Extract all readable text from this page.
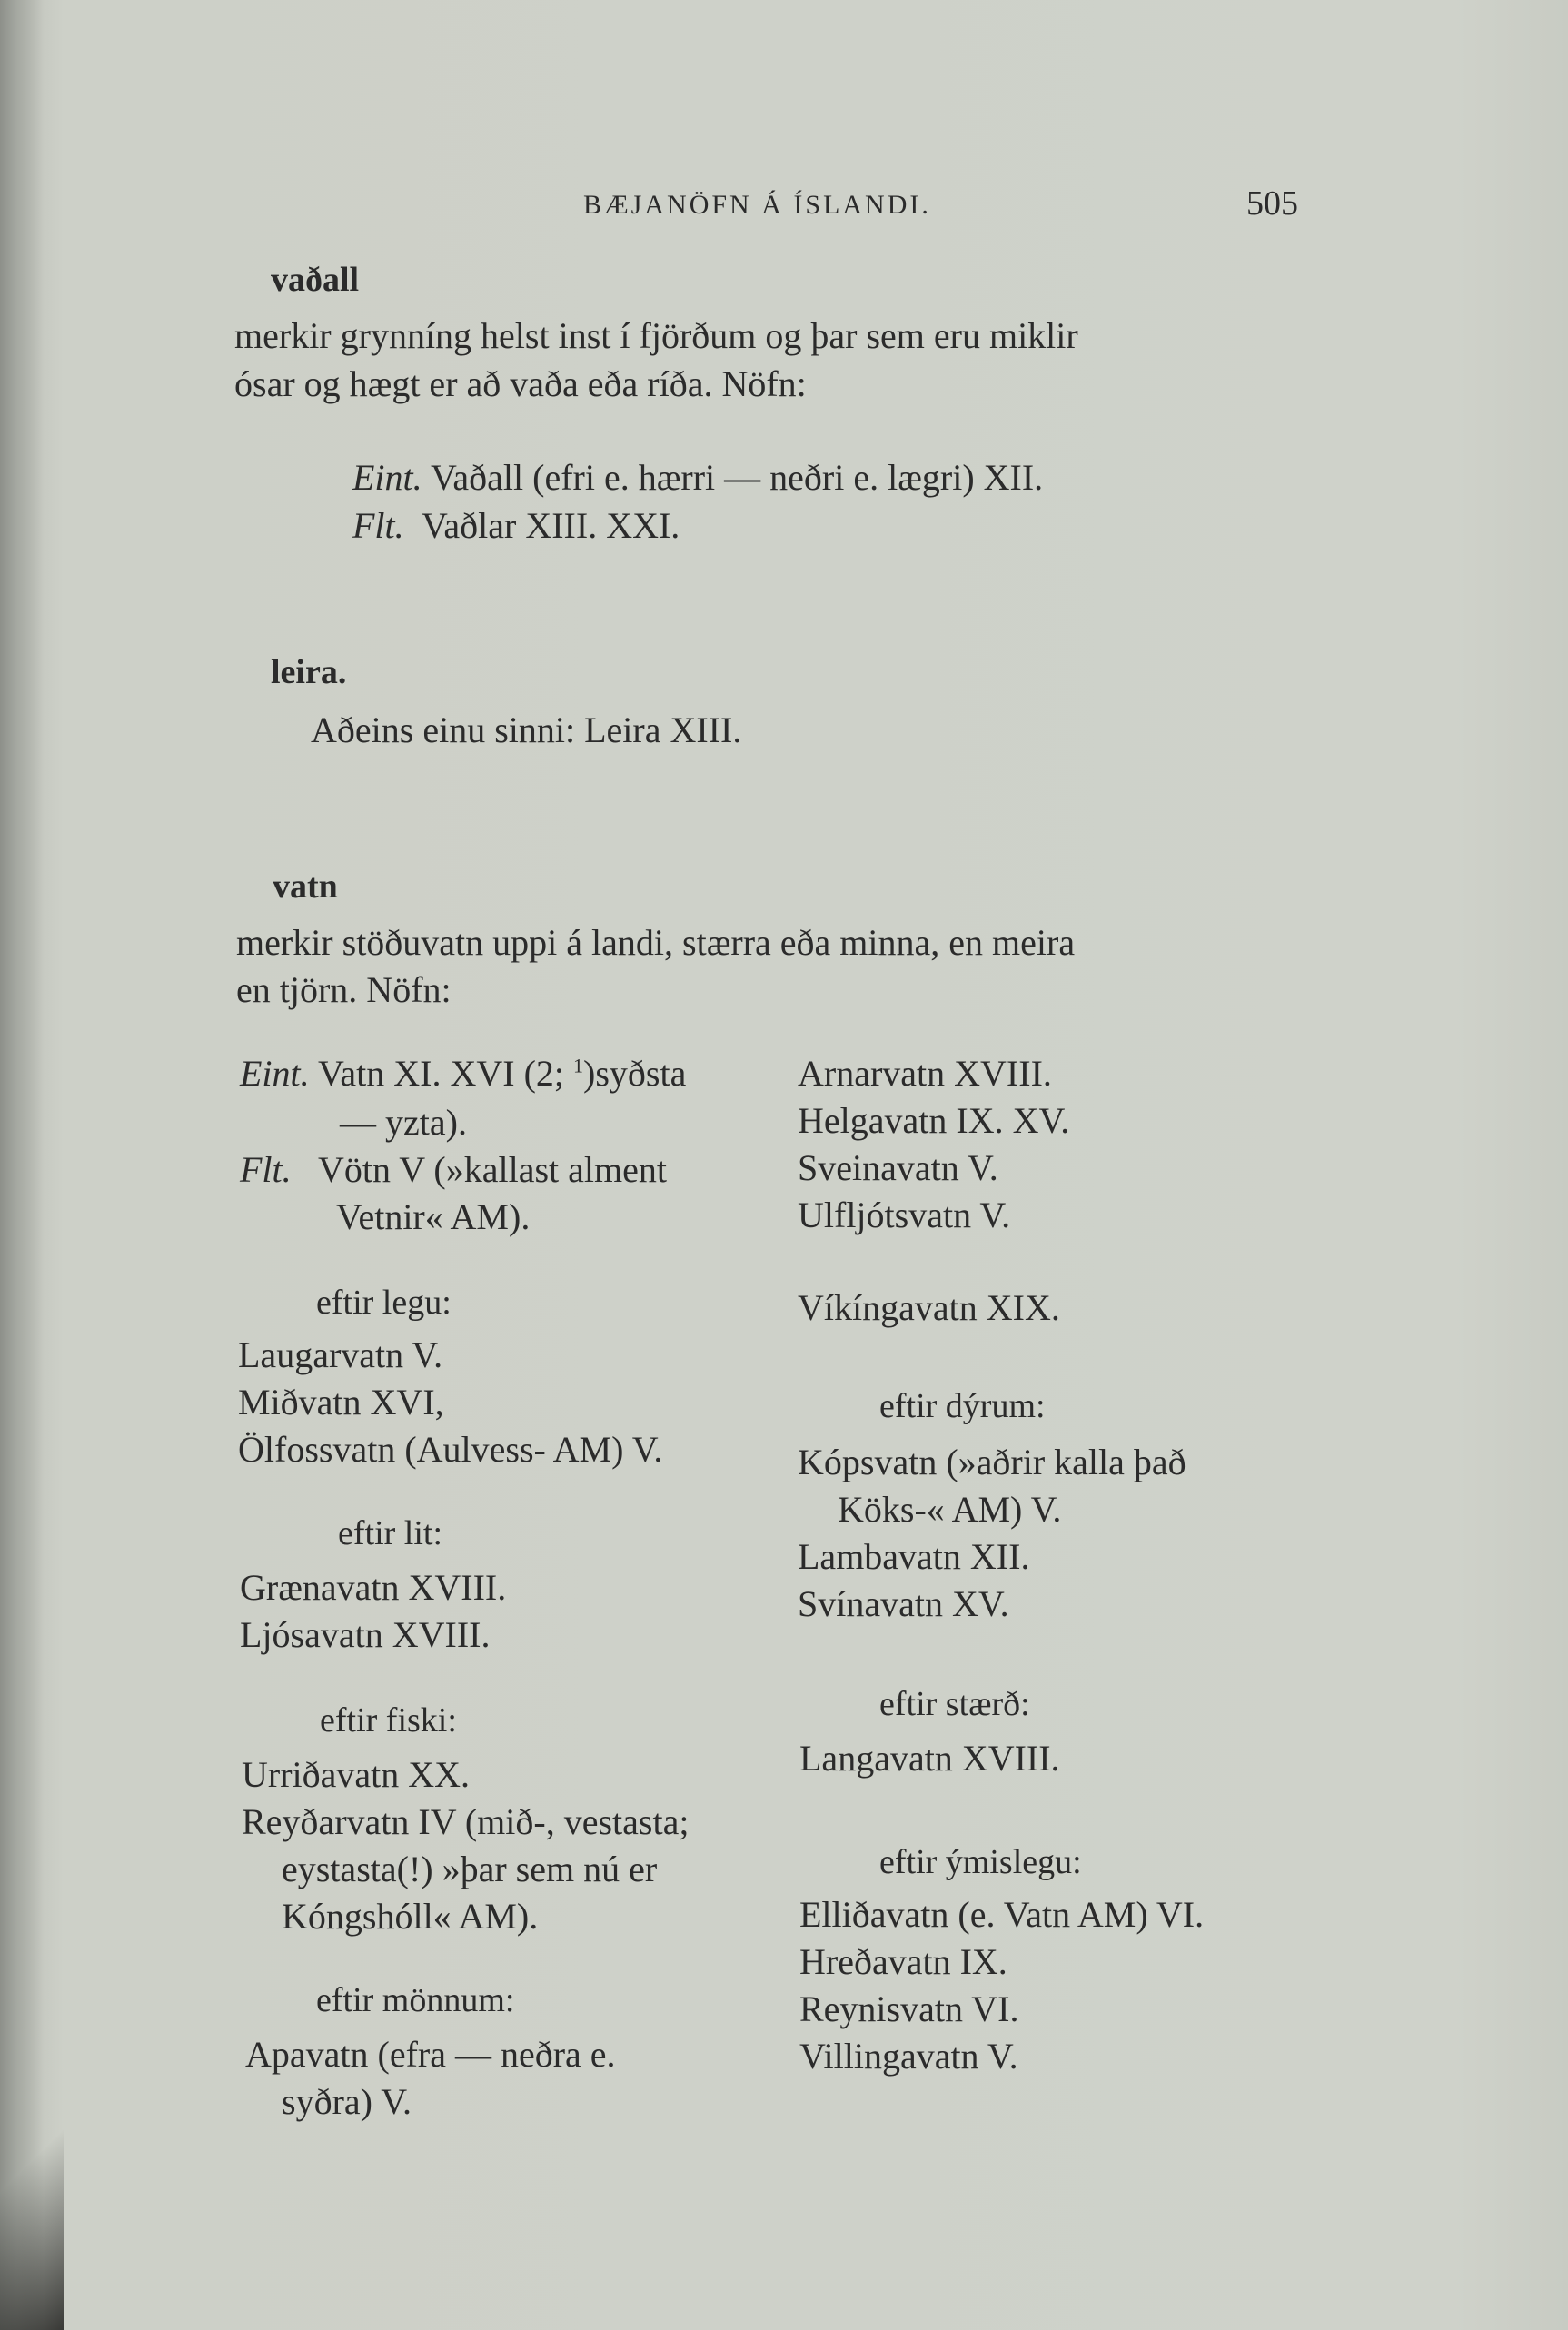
BÆJANÖFN Á ÍSLANDI.	505
vaðall
merkir grynníng helst inst í fjörðum og þar sem eru miklir
ósar og hægt er að vaða eða ríða. Nöfn:
Eint. Vaðall (efri e. hærri — neðri e. lægri) XII.
Flt. Vaðlar XIII. XXI.
leira.
Aðeins einu sinni: Leira XIII.
vatn
merkir stöðuvatn uppi á landi, stærra eða minna, en meira
en tjörn. Nöfn:
Eint. Vatn XI. XVI (2; $^1$)syðsta
— yzta).
Flt. Vötn V (»kallast alment
Vetnir« AM).
eftir legu:
Laugarvatn V.
Miðvatn XVI,
Ölfossvatn (Aulvess- AM) V.
eftir lit:
Grænavatn XVIII.
Ljósavatn XVIII.
eftir fiski:
Urriðavatn XX.
Reyðarvatn IV (mið-, vestasta;
eystasta(!) »þar sem nú er
Kóngshóll« AM).
eftir mönnum:
Apavatn (efra — neðra e.
syðra) V.
Arnarvatn XVIII.
Helgavatn IX. XV.
Sveinavatn V.
Ulfljótsvatn V.
Víkíngavatn XIX.
eftir dýrum:
Kópsvatn (»aðrir kalla það
Köks-« AM) V.
Lambavatn XII.
Svínavatn XV.
eftir stærð:
Langavatn XVIII.
eftir ýmislegu:
Elliðavatn (e. Vatn AM) VI.
Hreðavatn IX.
Reynisvatn VI.
Villingavatn V.
